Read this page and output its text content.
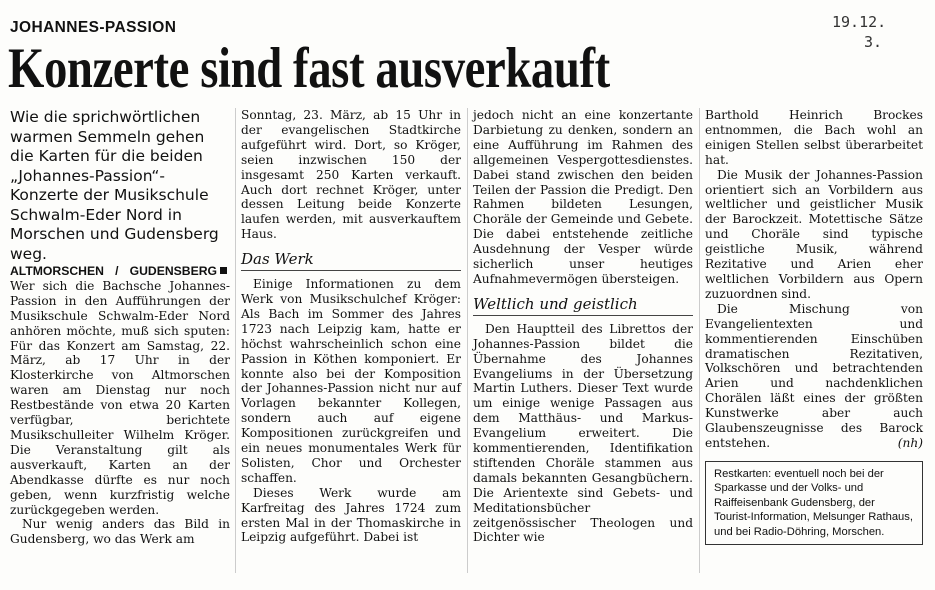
JOHANNES-PASSION	19.12.
3.
Konzerte sind fast ausverkauft

Wie die sprichwörtlichen warmen Semmeln gehen die Karten für die beiden „Johannes-Passion“-Konzerte der Musikschule Schwalm-Eder Nord in Morschen und Gudensberg weg.

ALTMORSCHEN / GUDENSBERGWer sich die Bachsche Johannes-Passion in den Aufführungen der Musikschule Schwalm-Eder Nord anhören möchte, muß sich sputen: Für das Konzert am Samstag, 22. März, ab 17 Uhr in der Klosterkirche von Altmorschen waren am Dienstag nur noch Restbestände von etwa 20 Karten verfügbar, berichtete Musikschulleiter Wilhelm Kröger. Die Veranstaltung gilt als ausverkauft, Karten an der Abendkasse dürfte es nur noch geben, wenn kurzfristig welche zurückgegeben werden.

Nur wenig anders das Bild in Gudensberg, wo das Werk am

Sonntag, 23. März, ab 15 Uhr in der evangelischen Stadtkirche aufgeführt wird. Dort, so Kröger, seien inzwischen 150 der insgesamt 250 Karten verkauft. Auch dort rechnet Kröger, unter dessen Leitung beide Konzerte laufen werden, mit ausverkauftem Haus.

Das Werk

Einige Informationen zu dem Werk von Musikschulchef Kröger: Als Bach im Sommer des Jahres 1723 nach Leipzig kam, hatte er höchst wahrscheinlich schon eine Passion in Köthen komponiert. Er konnte also bei der Komposition der Johannes-Passion nicht nur auf Vorlagen bekannter Kollegen, sondern auch auf eigene Kompositionen zurückgreifen und ein neues monumentales Werk für Solisten, Chor und Orchester schaffen.

Dieses Werk wurde am Karfreitag des Jahres 1724 zum ersten Mal in der Thomaskirche in Leipzig aufgeführt. Dabei ist

jedoch nicht an eine konzertante Darbietung zu denken, sondern an eine Aufführung im Rahmen des allgemeinen Vespergottesdienstes. Dabei stand zwischen den beiden Teilen der Passion die Predigt. Den Rahmen bildeten Lesungen, Choräle der Gemeinde und Gebete. Die dabei entstehende zeitliche Ausdehnung der Vesper würde sicherlich unser heutiges Aufnahmevermögen übersteigen.

Weltlich und geistlich

Den Hauptteil des Librettos der Johannes-Passion bildet die Übernahme des Johannes Evangeliums in der Übersetzung Martin Luthers. Dieser Text wurde um einige wenige Passagen aus dem Matthäus- und Markus-Evangelium erweitert. Die kommentierenden, Identifikation stiftenden Choräle stammen aus damals bekannten Gesangbüchern. Die Arientexte sind Gebets- und Meditationsbücher zeitgenössischer Theologen und Dichter wie

Barthold Heinrich Brockes entnommen, die Bach wohl an einigen Stellen selbst überarbeitet hat.

Die Musik der Johannes-Passion orientiert sich an Vorbildern aus weltlicher und geistlicher Musik der Barockzeit. Motettische Sätze und Choräle sind typische geistliche Musik, während Rezitative und Arien eher weltlichen Vorbildern aus Opern zuzuordnen sind.

Die Mischung von Evangelientexten und kommentierenden Einschüben dramatischen Rezitativen, Volkschören und betrachtenden Arien und nachdenklichen Chorälen läßt eines der größten Kunstwerke aber auch Glaubenszeugnisse des Barock entstehen.	(nh)

Restkarten: eventuell noch bei der Sparkasse und der Volks- und Raiffeisenbank Gudensberg, der Tourist-Information, Melsunger Rathaus, und bei Radio-Döhring, Morschen.
